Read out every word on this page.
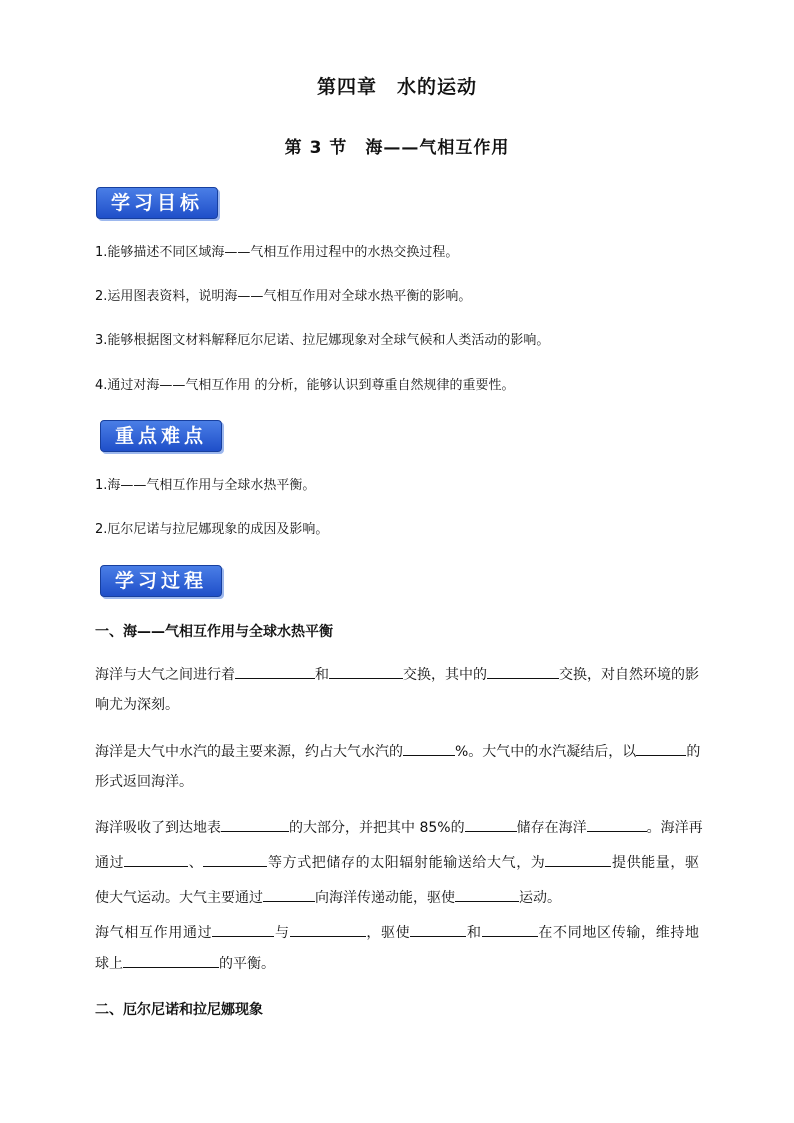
第四章　水的运动
第 3 节　海——气相互作用
学习目标
1.能够描述不同区域海——气相互作用过程中的水热交换过程。
2.运用图表资料，说明海——气相互作用对全球水热平衡的影响。
3.能够根据图文材料解释厄尔尼诺、拉尼娜现象对全球气候和人类活动的影响。
4.通过对海——气相互作用 的分析，能够认识到尊重自然规律的重要性。
重点难点
1.海——气相互作用与全球水热平衡。
2.厄尔尼诺与拉尼娜现象的成因及影响。
学习过程
一、海——气相互作用与全球水热平衡
海洋与大气之间进行着	和	交换，其中的	交换，对自然环境的影
响尤为深刻。
海洋是大气中水汽的最主要来源，约占大气水汽的	%。大气中的水汽凝结后，以	的
形式返回海洋。
海洋吸收了到达地表	的大部分，并把其中 85%的	储存在海洋	。海洋再
通过	、	等方式把储存的太阳辐射能输送给大气，为	提供能量，驱
使大气运动。大气主要通过	向海洋传递动能，驱使	运动。
海气相互作用通过	与	，驱使	和	在不同地区传输，维持地
球上	的平衡。
二、厄尔尼诺和拉尼娜现象
